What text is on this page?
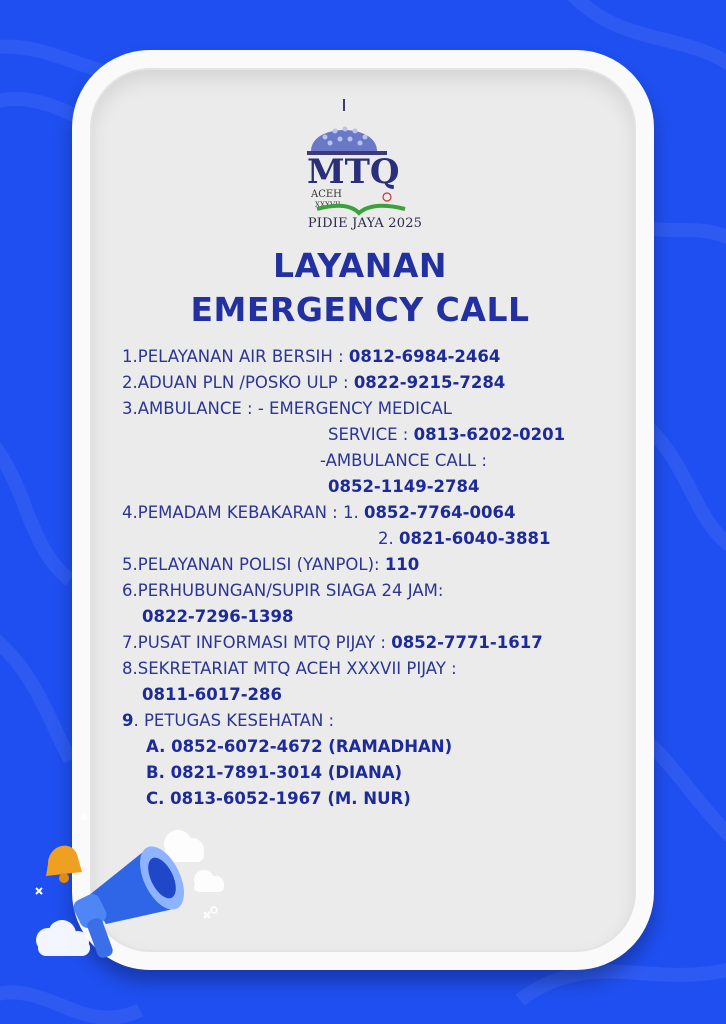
MTQ
ACEH
XXXVII
PIDIE JAYA 2025
LAYANAN
EMERGENCY CALL
1.PELAYANAN AIR BERSIH : 0812-6984-2464
2.ADUAN PLN /POSKO ULP : 0822-9215-7284
3.AMBULANCE : - EMERGENCY MEDICAL
SERVICE : 0813-6202-0201
-AMBULANCE CALL :
0852-1149-2784
4.PEMADAM KEBAKARAN : 1. 0852-7764-0064
2. 0821-6040-3881
5.PELAYANAN POLISI (YANPOL): 110
6.PERHUBUNGAN/SUPIR SIAGA 24 JAM:
0822-7296-1398
7.PUSAT INFORMASI MTQ PIJAY : 0852-7771-1617
8.SEKRETARIAT MTQ ACEH XXXVII PIJAY :
0811-6017-286
9. PETUGAS KESEHATAN :
A. 0852-6072-4672 (RAMADHAN)
B. 0821-7891-3014 (DIANA)
C. 0813-6052-1967 (M. NUR)
